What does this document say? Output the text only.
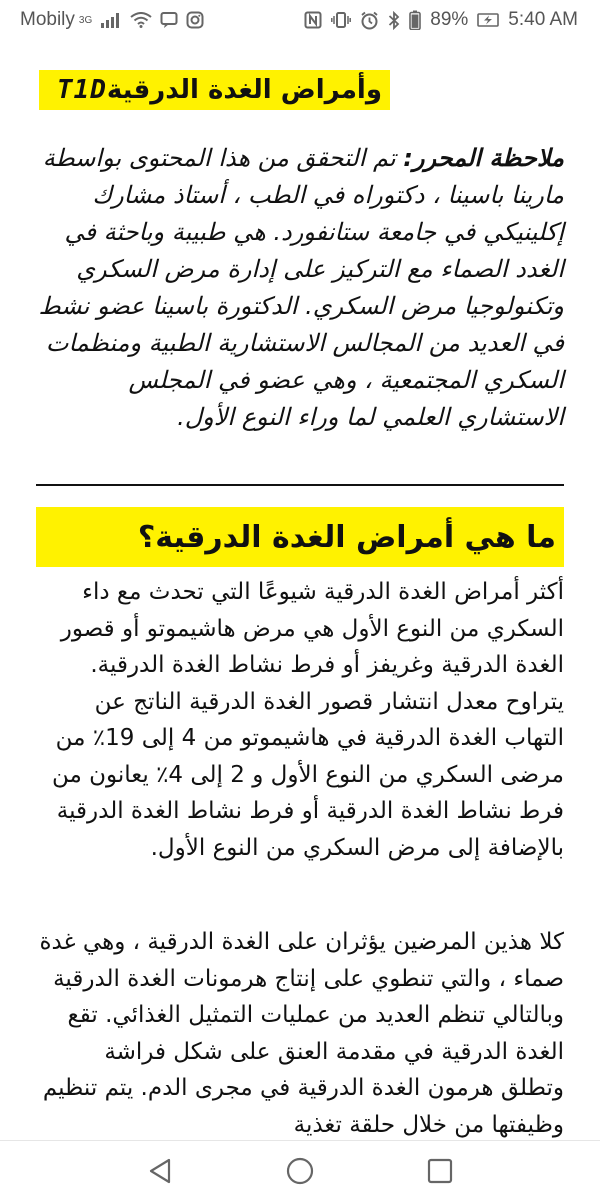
Mobily 3G	89% 5:40 AM
وأمراض الغدة الدرقية
T1D

ملاحظة المحرر: تم التحقق من هذا المحتوى بواسطة مارينا باسينا ، دكتوراه في الطب ، أستاذ مشارك إكلينيكي في جامعة ستانفورد. هي طبيبة وباحثة في الغدد الصماء مع التركيز على إدارة مرض السكري وتكنولوجيا مرض السكري. الدكتورة باسينا عضو نشط في العديد من المجالس الاستشارية الطبية ومنظمات السكري المجتمعية ، وهي عضو في المجلس الاستشاري العلمي لما وراء النوع الأول.

ما هي أمراض الغدة الدرقية؟

أكثر أمراض الغدة الدرقية شيوعًا التي تحدث مع داء السكري من النوع الأول هي مرض هاشيموتو أو قصور الغدة الدرقية وغريفز أو فرط نشاط الغدة الدرقية. يتراوح معدل انتشار قصور الغدة الدرقية الناتج عن التهاب الغدة الدرقية في هاشيموتو من 4 إلى 19٪ من مرضى السكري من النوع الأول و 2 إلى 4٪ يعانون من فرط نشاط الغدة الدرقية أو فرط نشاط الغدة الدرقية بالإضافة إلى مرض السكري من النوع الأول.

كلا هذين المرضين يؤثران على الغدة الدرقية ، وهي غدة صماء ، والتي تنطوي على إنتاج هرمونات الغدة الدرقية وبالتالي تنظم العديد من عمليات التمثيل الغذائي. تقع الغدة الدرقية في مقدمة العنق على شكل فراشة وتطلق هرمون الغدة الدرقية في مجرى الدم. يتم تنظيم وظيفتها من خلال حلقة تغذية
